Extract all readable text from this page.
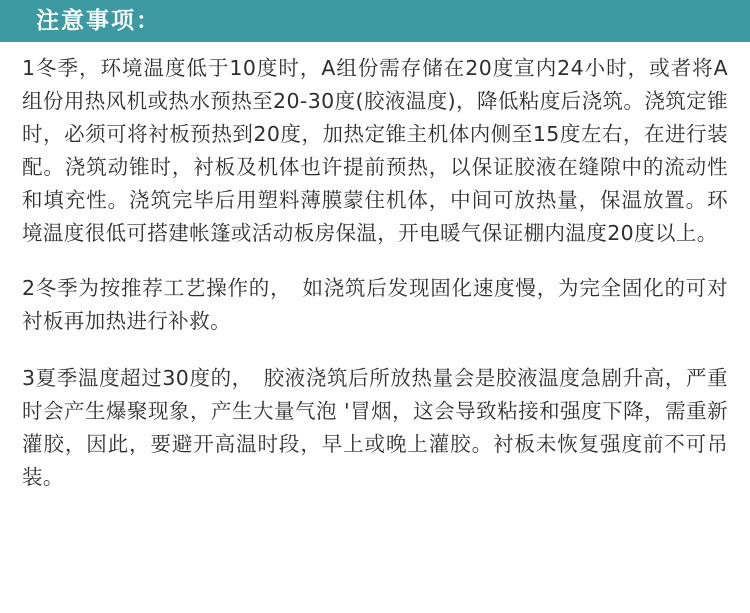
注意事项：

1冬季，环境温度低于10度时，A组份需存储在20度宣内24小时，或者将A组份用热风机或热水预热至20-30度(胶液温度)，降低粘度后浇筑。浇筑定锥时，必须可将衬板预热到20度，加热定锥主机体内侧至15度左右，在进行装配。浇筑动锥时，衬板及机体也许提前预热，以保证胶液在缝隙中的流动性和填充性。浇筑完毕后用塑料薄膜蒙住机体，中间可放热量，保温放置。环境温度很低可搭建帐篷或活动板房保温，开电暖气保证棚内温度20度以上。

2冬季为按推荐工艺操作的，　如浇筑后发现固化速度慢，为完全固化的可对衬板再加热进行补救。

3夏季温度超过30度的，　胶液浇筑后所放热量会是胶液温度急剧升高，严重时会产生爆聚现象，产生大量气泡 '冒烟，这会导致粘接和强度下降，需重新灌胶，因此，要避开高温时段，早上或晚上灌胶。衬板未恢复强度前不可吊装。
